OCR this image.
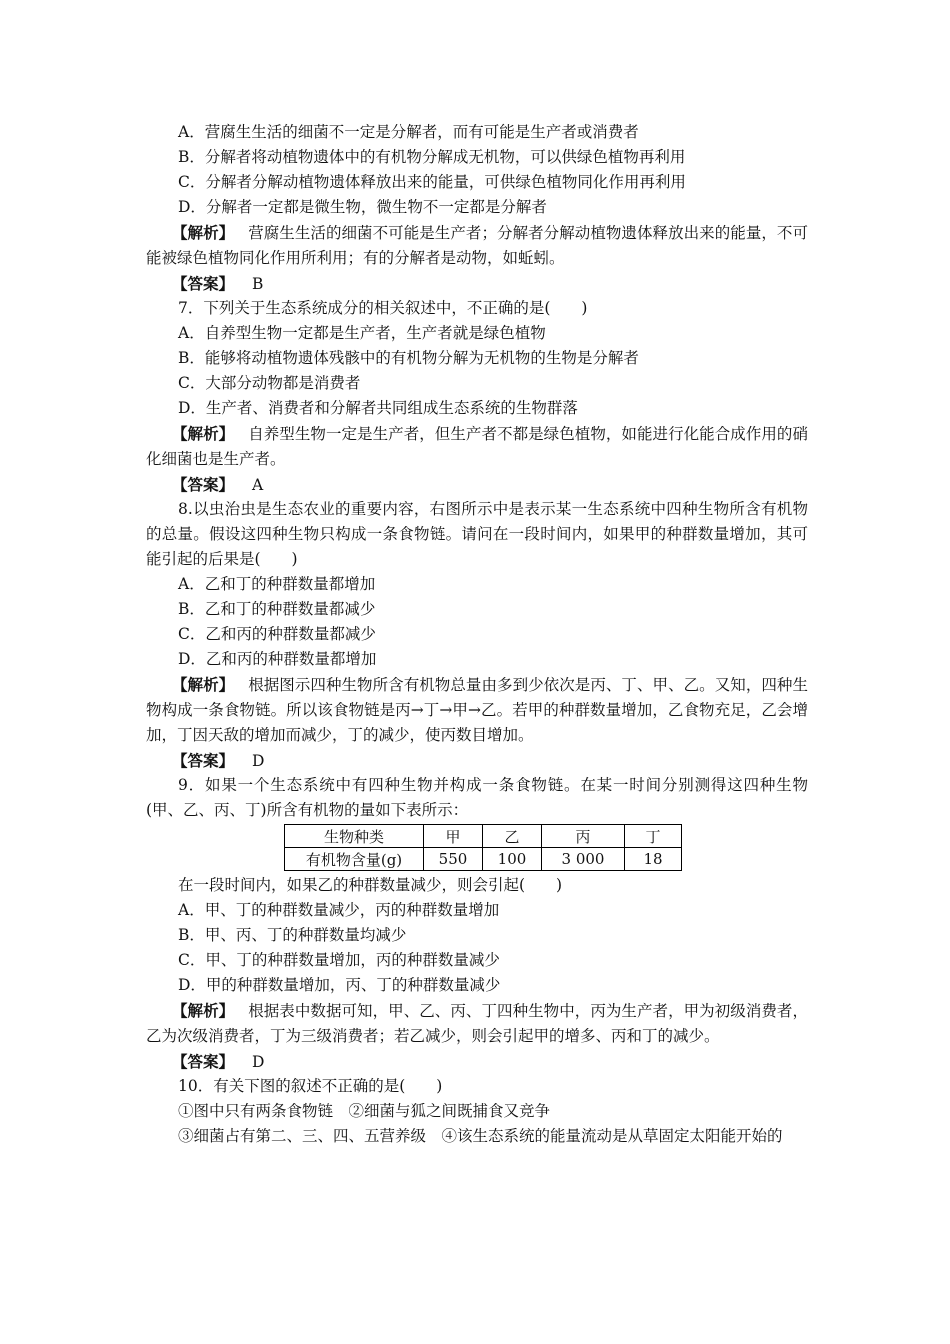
A．营腐生生活的细菌不一定是分解者，而有可能是生产者或消费者
B．分解者将动植物遗体中的有机物分解成无机物，可以供绿色植物再利用
C．分解者分解动植物遗体释放出来的能量，可供绿色植物同化作用再利用
D．分解者一定都是微生物，微生物不一定都是分解者
【解析】 营腐生生活的细菌不可能是生产者；分解者分解动植物遗体释放出来的能量，不可能被绿色植物同化作用所利用；有的分解者是动物，如蚯蚓。
【答案】 B
7．下列关于生态系统成分的相关叙述中，不正确的是(　　)
A．自养型生物一定都是生产者，生产者就是绿色植物
B．能够将动植物遗体残骸中的有机物分解为无机物的生物是分解者
C．大部分动物都是消费者
D．生产者、消费者和分解者共同组成生态系统的生物群落
【解析】 自养型生物一定是生产者，但生产者不都是绿色植物，如能进行化能合成作用的硝化细菌也是生产者。
【答案】 A
8.以虫治虫是生态农业的重要内容，右图所示中是表示某一生态系统中四种生物所含有机物的总量。假设这四种生物只构成一条食物链。请问在一段时间内，如果甲的种群数量增加，其可能引起的后果是(　　)
A．乙和丁的种群数量都增加
B．乙和丁的种群数量都减少
C．乙和丙的种群数量都减少
D．乙和丙的种群数量都增加
【解析】 根据图示四种生物所含有机物总量由多到少依次是丙、丁、甲、乙。又知，四种生物构成一条食物链。所以该食物链是丙→丁→甲→乙。若甲的种群数量增加，乙食物充足，乙会增加，丁因天敌的增加而减少，丁的减少，使丙数目增加。
【答案】 D
9．如果一个生态系统中有四种生物并构成一条食物链。在某一时间分别测得这四种生物(甲、乙、丙、丁)所含有机物的量如下表所示：
生物种类	甲	乙	丙	丁
有机物含量(g)	550	100	3 000	18
在一段时间内，如果乙的种群数量减少，则会引起(　　)
A．甲、丁的种群数量减少，丙的种群数量增加
B．甲、丙、丁的种群数量均减少
C．甲、丁的种群数量增加，丙的种群数量减少
D．甲的种群数量增加，丙、丁的种群数量减少
【解析】 根据表中数据可知，甲、乙、丙、丁四种生物中，丙为生产者，甲为初级消费者，乙为次级消费者，丁为三级消费者；若乙减少，则会引起甲的增多、丙和丁的减少。
【答案】 D
10．有关下图的叙述不正确的是(　　)
①图中只有两条食物链　②细菌与狐之间既捕食又竞争
③细菌占有第二、三、四、五营养级　④该生态系统的能量流动是从草固定太阳能开始的
